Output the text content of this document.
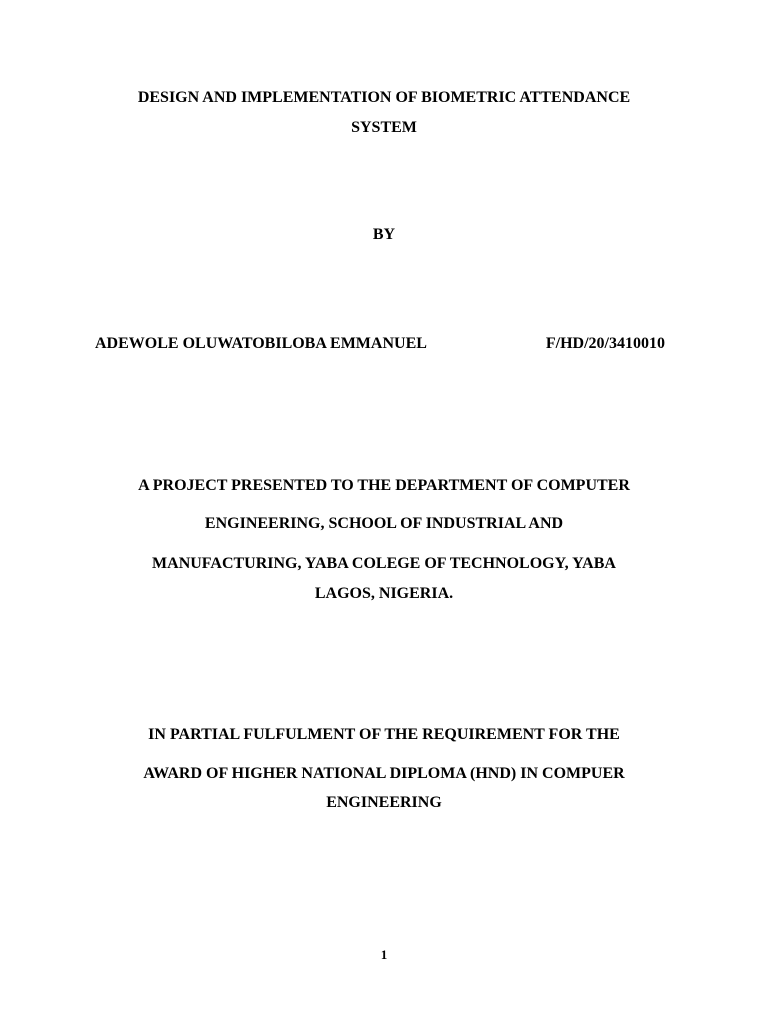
DESIGN AND IMPLEMENTATION OF BIOMETRIC ATTENDANCE
SYSTEM
BY
ADEWOLE OLUWATOBILOBA EMMANUEL	F/HD/20/3410010
A PROJECT PRESENTED TO THE DEPARTMENT OF COMPUTER
ENGINEERING, SCHOOL OF INDUSTRIAL AND
MANUFACTURING, YABA COLEGE OF TECHNOLOGY, YABA
LAGOS, NIGERIA.
IN PARTIAL FULFULMENT OF THE REQUIREMENT FOR THE
AWARD OF HIGHER NATIONAL DIPLOMA (HND) IN COMPUER
ENGINEERING
1
